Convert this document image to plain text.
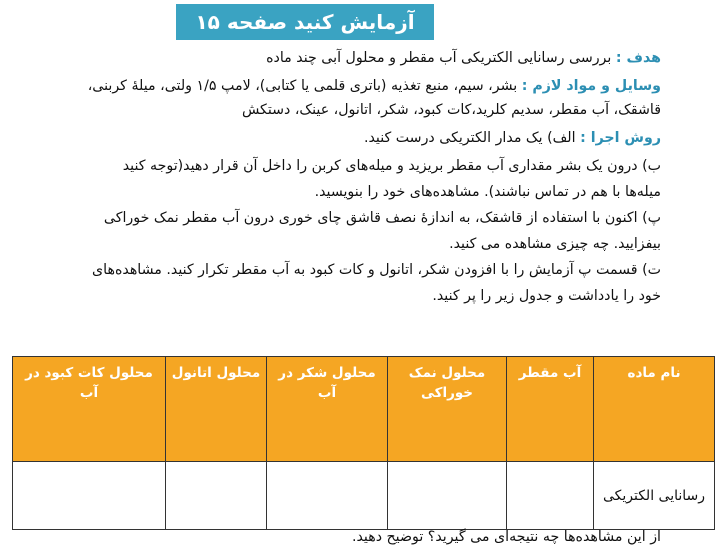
آزمایش کنید صفحه ۱۵
هدف : بررسی رسانایی الکتریکی آب مقطر و محلول آبی چند ماده
وسایل و مواد لازم : بشر، سیم، منبع تغذیه (باتری قلمی یا کتابی)، لامپ ۱/۵ ولتی، میلهٔ کربنی،
قاشقک، آب مقطر، سدیم کلرید،کات کبود، شکر، اتانول، عینک، دستکش
روش اجرا : الف) یک مدار الکتریکی درست کنید.
ب) درون یک بشر مقداری آب مقطر بریزید و میله‌های کربن را داخل آن قرار دهید(توجه کنید
میله‌ها با هم در تماس نباشند). مشاهده‌های خود را بنویسید.
پ) اکنون با استفاده از قاشقک، به اندازهٔ نصف قاشق چای خوری درون آب مقطر نمک خوراکی
بیفزایید. چه چیزی مشاهده می کنید.
ت) قسمت پ آزمایش را با افزودن شکر، اتانول و کات کبود به آب مقطر تکرار کنید. مشاهده‌های
خود را یادداشت و جدول زیر را پر کنید.
نام ماده	آب مقطر	محلول نمک خوراکی	محلول شکر در آب	محلول اتانول	محلول کات کبود در آب
رسانایی الکتریکی					
از این مشاهده‌ها چه نتیجه‌ای می گیرید؟ توضیح دهید.
